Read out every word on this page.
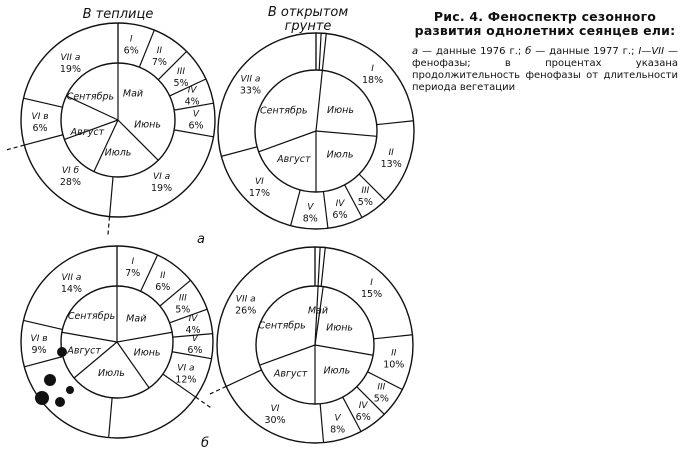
В теплице	В открытом
грунте
Рис. 4. Феноспектр сезонного развития однолетних сеянцев ели:
а — данные 1976 г.; б — данные 1977 г.; I—VII — фенофазы; в процентах указана продолжительность фенофазы от длительности периода вегетации
а
б
Май
Июнь
Июль
Август
Сентябрь
I
6% II
7%
III
5%
IV
4%
V
6%
VI а
19%
VI б
28%
VI в
6%
VII а
19%
Июнь
Июль
Август
Сентябрь
I
18%
II
13%
III
5%
IV
6%
V
8%
VI
17%
VII а
33%
Май
Июнь
Июль
Август
Сентябрь
I
7% II
6%
III
5%
IV
4%
V
6%
VI а
12%
VI в
9%
VII а
14%
Май
Июнь
Июль
Август
Сентябрь
I
15%
II
10%
III
5%
IV
6%
V
8%
VI
30%
VII а
26%
